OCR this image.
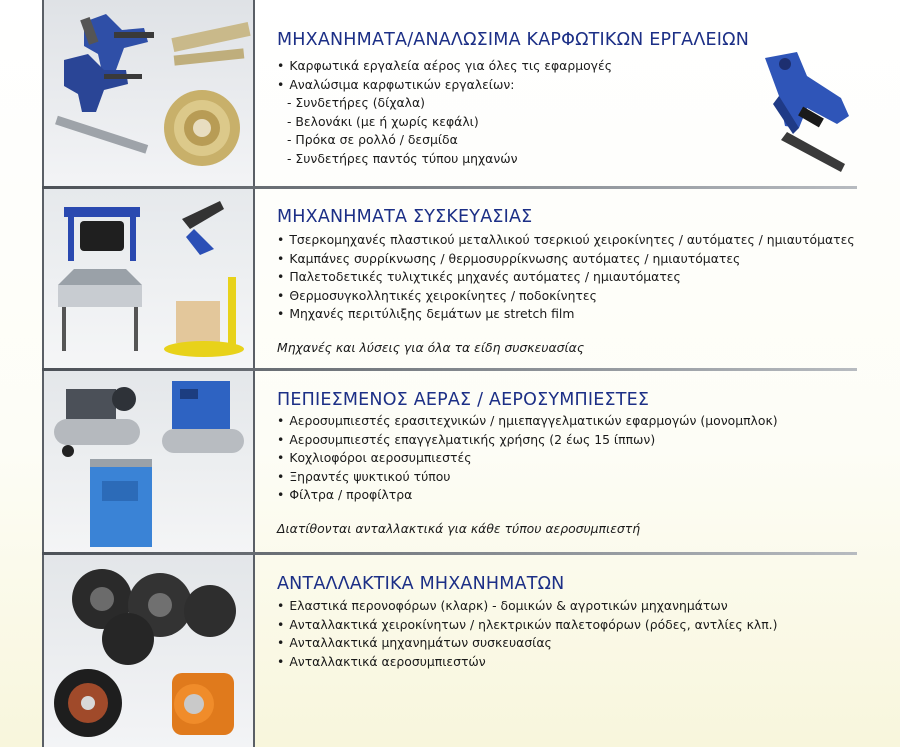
ΜΗΧΑΝΗΜΑΤΑ/ΑΝΑΛΩΣΙΜΑ ΚΑΡΦΩΤΙΚΩΝ ΕΡΓΑΛΕΙΩΝ
• Καρφωτικά εργαλεία αέρος για όλες τις εφαρμογές
• Αναλώσιμα καρφωτικών εργαλείων:
- Συνδετήρες (δίχαλα)
- Βελονάκι (με ή χωρίς κεφάλι)
- Πρόκα σε ρολλό / δεσμίδα
- Συνδετήρες παντός τύπου μηχανών
ΜΗΧΑΝΗΜΑΤΑ ΣΥΣΚΕΥΑΣΙΑΣ
• Τσερκομηχανές πλαστικού μεταλλικού τσερκιού χειροκίνητες / αυτόματες / ημιαυτόματες
• Καμπάνες συρρίκνωσης / θερμοσυρρίκνωσης αυτόματες / ημιαυτόματες
• Παλετοδετικές τυλιχτικές μηχανές αυτόματες / ημιαυτόματες
• Θερμοσυγκολλητικές χειροκίνητες / ποδοκίνητες
• Μηχανές περιτύλιξης δεμάτων με stretch film
Μηχανές και λύσεις για όλα τα είδη συσκευασίας
ΠΕΠΙΕΣΜΕΝΟΣ ΑΕΡΑΣ / ΑΕΡΟΣΥΜΠΙΕΣΤΕΣ
• Αεροσυμπιεστές ερασιτεχνικών / ημιεπαγγελματικών εφαρμογών (μονομπλοκ)
• Αεροσυμπιεστές επαγγελματικής χρήσης (2 έως 15 ίππων)
• Κοχλιοφόροι αεροσυμπιεστές
• Ξηραντές ψυκτικού τύπου
• Φίλτρα / προφίλτρα
Διατίθονται ανταλλακτικά για κάθε τύπου αεροσυμπιεστή
ΑΝΤΑΛΛΑΚΤΙΚΑ ΜΗΧΑΝΗΜΑΤΩΝ
• Ελαστικά περονοφόρων (κλαρκ) - δομικών & αγροτικών μηχανημάτων
• Ανταλλακτικά χειροκίνητων / ηλεκτρικών παλετοφόρων (ρόδες, αντλίες κλπ.)
• Ανταλλακτικά μηχανημάτων συσκευασίας
• Ανταλλακτικά αεροσυμπιεστών
